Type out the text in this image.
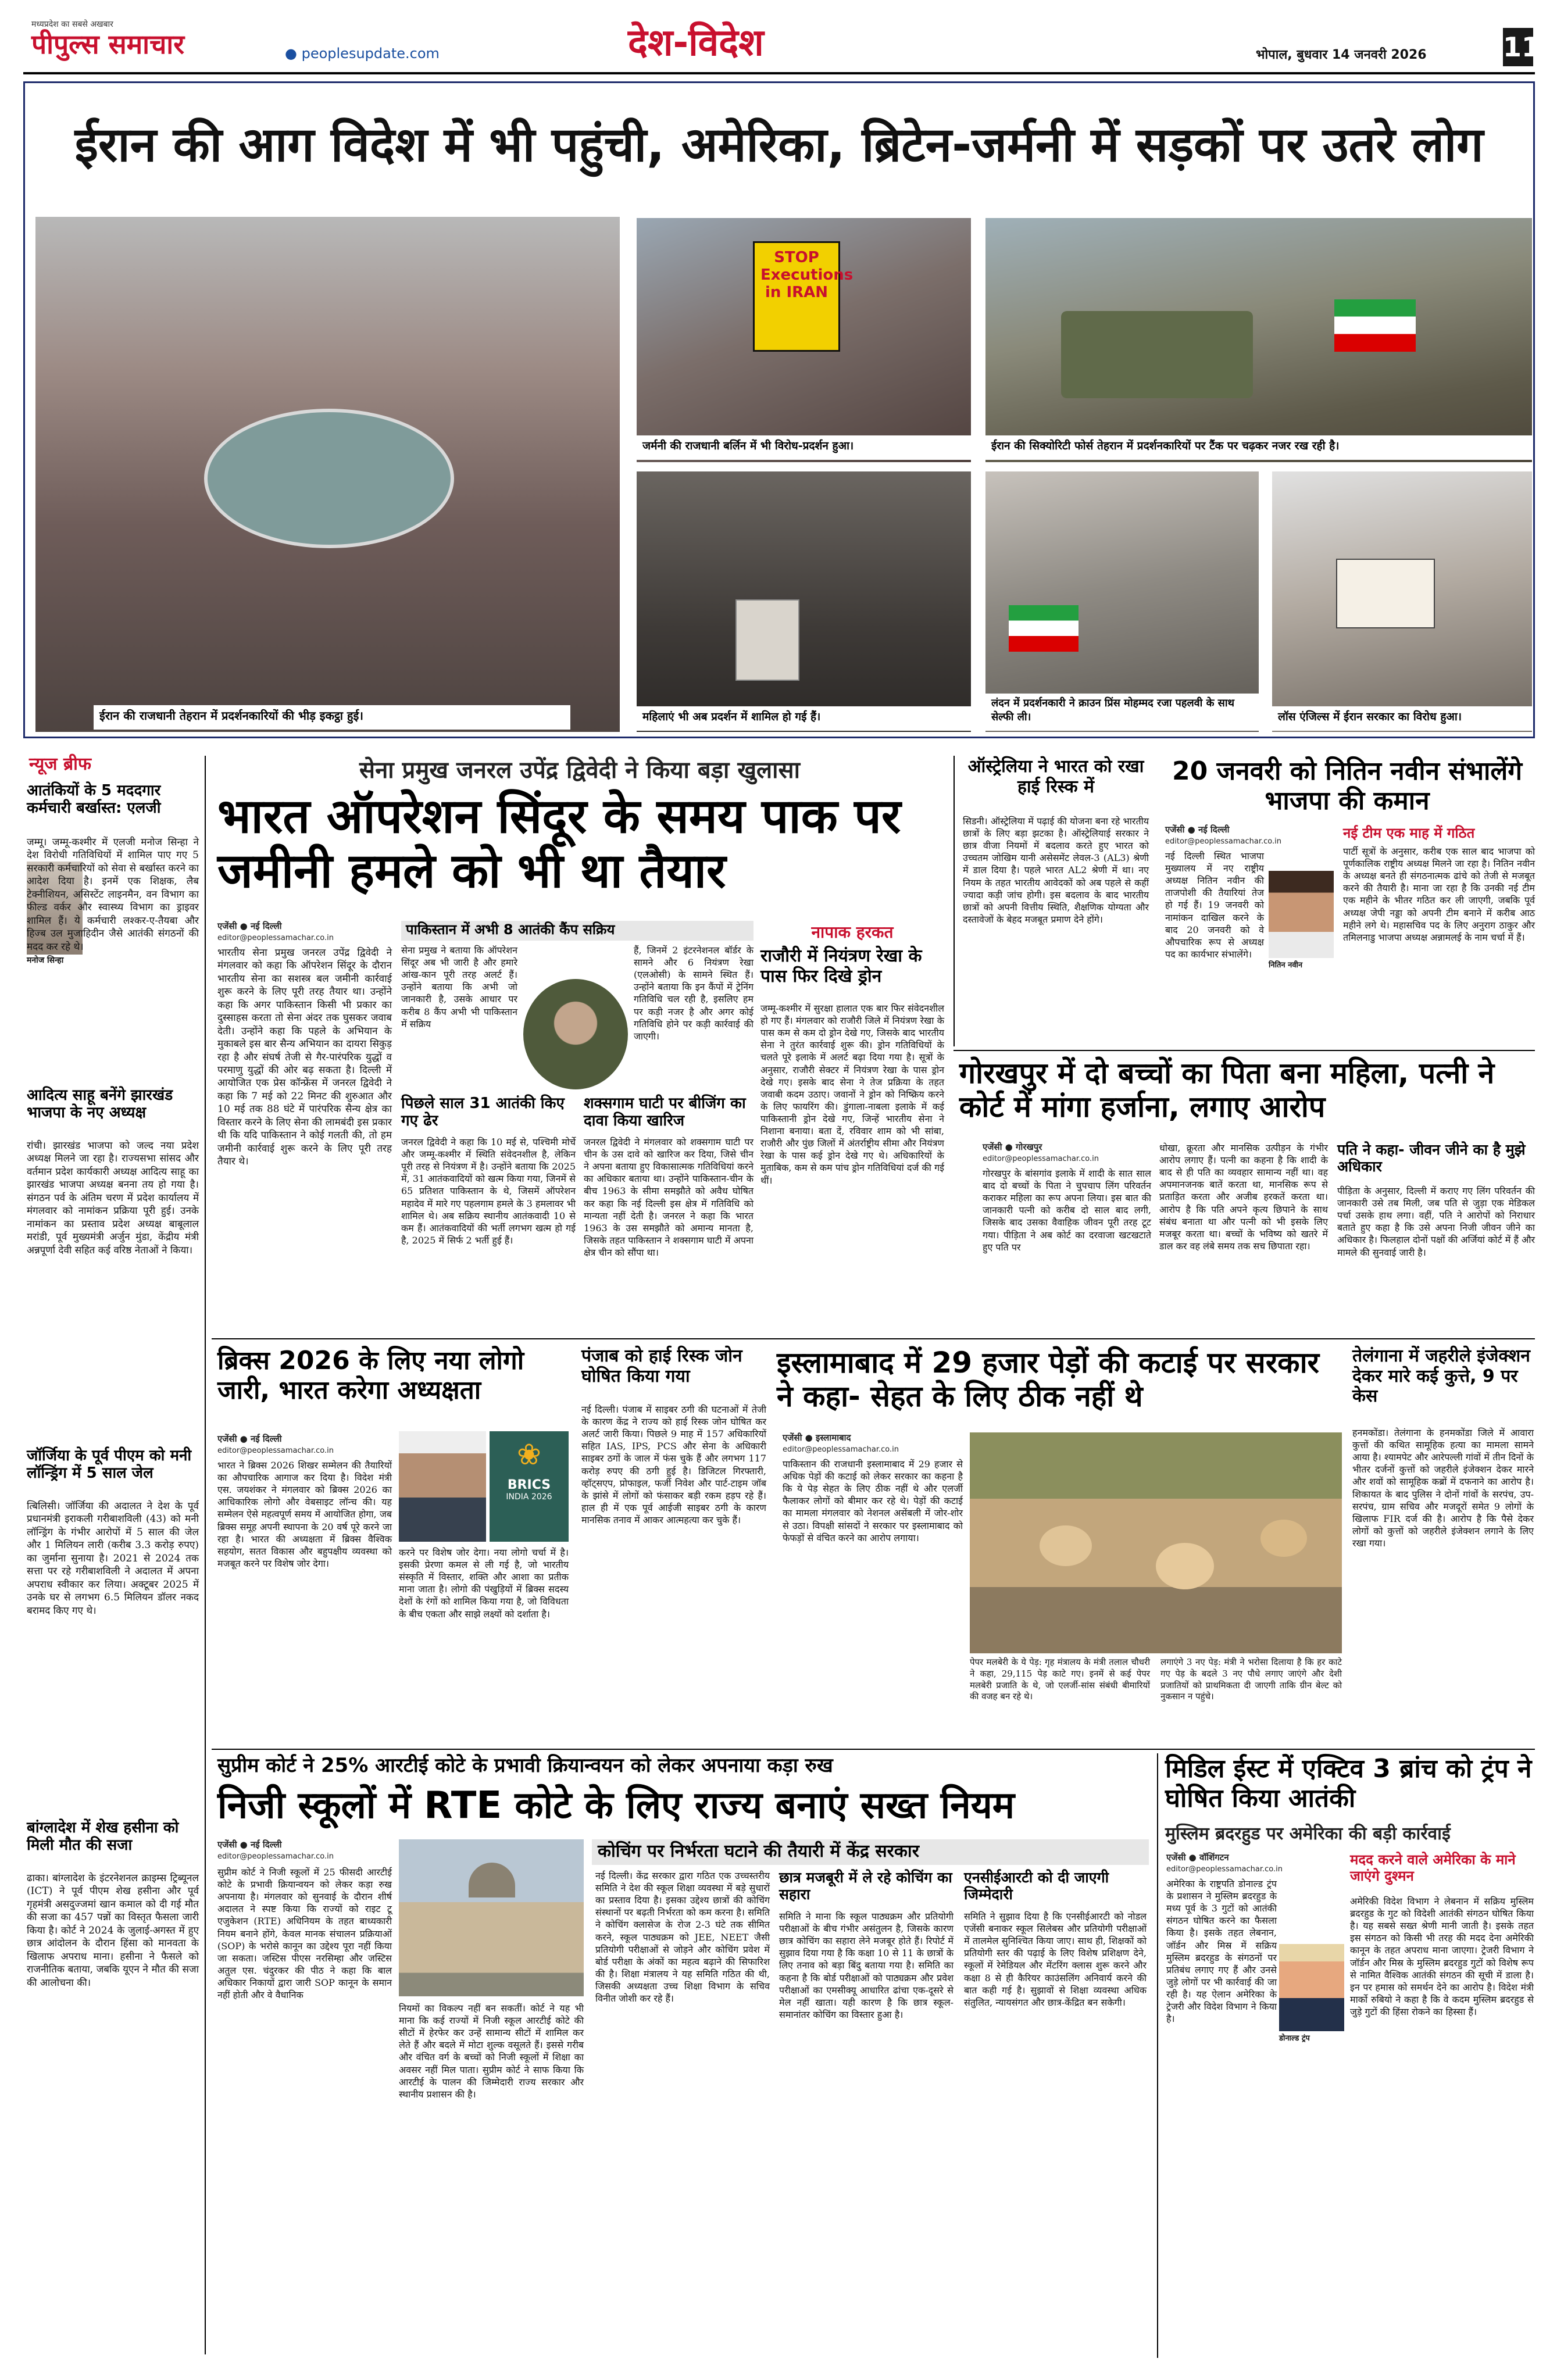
मध्यप्रदेश का सबसे अखबार
पीपुल्स समाचार	● peoplesupdate.com	देश-विदेश	भोपाल, बुधवार 14 जनवरी 2026	11
ईरान की आग विदेश में भी पहुंची, अमेरिका, ब्रिटेन-जर्मनी में सड़कों पर उतरे लोग
ईरान की राजधानी तेहरान में प्रदर्शनकारियों की भीड़ इकट्ठा हुई।
STOP Executions in IRAN
जर्मनी की राजधानी बर्लिन में भी विरोध-प्रदर्शन हुआ।	ईरान की सिक्योरिटी फोर्स तेहरान में प्रदर्शनकारियों पर टैंक पर चढ़कर नजर रख रही है।
महिलाएं भी अब प्रदर्शन में शामिल हो गई हैं।
लंदन में प्रदर्शनकारी ने क्राउन प्रिंस मोहम्मद रजा पहलवी के साथ सेल्फी ली।	लॉस एंजिल्स में ईरान सरकार का विरोध हुआ।
न्यूज ब्रीफ
आतंकियों के 5 मददगार कर्मचारी बर्खास्त: एलजी
मनोज सिन्हा
जम्मू। जम्मू-कश्मीर में एलजी मनोज सिन्हा ने देश विरोधी गतिविधियों में शामिल पाए गए 5 सरकारी कर्मचारियों को सेवा से बर्खास्त करने का आदेश दिया है। इनमें एक शिक्षक, लैब टेक्नीशियन, असिस्टेंट लाइनमैन, वन विभाग का फील्ड वर्कर और स्वास्थ्य विभाग का ड्राइवर शामिल हैं। ये कर्मचारी लश्कर-ए-तैयबा और हिज्ब उल मुजाहिदीन जैसे आतंकी संगठनों की मदद कर रहे थे।
आदित्य साहू बनेंगे झारखंड भाजपा के नए अध्यक्ष
रांची। झारखंड भाजपा को जल्द नया प्रदेश अध्यक्ष मिलने जा रहा है। राज्यसभा सांसद और वर्तमान प्रदेश कार्यकारी अध्यक्ष आदित्य साहू का झारखंड भाजपा अध्यक्ष बनना तय हो गया है। संगठन पर्व के अंतिम चरण में प्रदेश कार्यालय में मंगलवार को नामांकन प्रक्रिया पूरी हुई। उनके नामांकन का प्रस्ताव प्रदेश अध्यक्ष बाबूलाल मरांडी, पूर्व मुख्यमंत्री अर्जुन मुंडा, केंद्रीय मंत्री अन्नपूर्णा देवी सहित कई वरिष्ठ नेताओं ने किया।
जॉर्जिया के पूर्व पीएम को मनी लॉन्ड्रिंग में 5 साल जेल
त्बिलिसी। जॉर्जिया की अदालत ने देश के पूर्व प्रधानमंत्री इराकली गरीबाशविली (43) को मनी लॉन्ड्रिंग के गंभीर आरोपों में 5 साल की जेल और 1 मिलियन लारी (करीब 3.3 करोड़ रुपए) का जुर्माना सुनाया है। 2021 से 2024 तक सत्ता पर रहे गरीबाशविली ने अदालत में अपना अपराध स्वीकार कर लिया। अक्टूबर 2025 में उनके घर से लगभग 6.5 मिलियन डॉलर नकद बरामद किए गए थे।
बांग्लादेश में शेख हसीना को मिली मौत की सजा
ढाका। बांग्लादेश के इंटरनेशनल क्राइम्स ट्रिब्यूनल (ICT) ने पूर्व पीएम शेख हसीना और पूर्व गृहमंत्री असदुज्जमां खान कमाल को दी गई मौत की सजा का 457 पन्नों का विस्तृत फैसला जारी किया है। कोर्ट ने 2024 के जुलाई-अगस्त में हुए छात्र आंदोलन के दौरान हिंसा को मानवता के खिलाफ अपराध माना। हसीना ने फैसले को राजनीतिक बताया, जबकि यूएन ने मौत की सजा की आलोचना की।
सेना प्रमुख जनरल उपेंद्र द्विवेदी ने किया बड़ा खुलासा
भारत ऑपरेशन सिंदूर के समय पाक पर जमीनी हमले को भी था तैयार
एजेंसी ● नई दिल्ली
editor@peoplessamachar.co.in
भारतीय सेना प्रमुख जनरल उपेंद्र द्विवेदी ने मंगलवार को कहा कि ऑपरेशन सिंदूर के दौरान भारतीय सेना का सशस्त्र बल जमीनी कार्रवाई शुरू करने के लिए पूरी तरह तैयार था। उन्होंने कहा कि अगर पाकिस्तान किसी भी प्रकार का दुस्साहस करता तो सेना अंदर तक घुसकर जवाब देती। उन्होंने कहा कि पहले के अभियान के मुकाबले इस बार सैन्य अभियान का दायरा सिकुड़ रहा है और संघर्ष तेजी से गैर-पारंपरिक युद्धों व परमाणु युद्धों की ओर बढ़ सकता है। दिल्ली में आयोजित एक प्रेस कॉन्फ्रेंस में जनरल द्विवेदी ने कहा कि 7 मई को 22 मिनट की शुरुआत और 10 मई तक 88 घंटे में पारंपरिक सैन्य क्षेत्र का विस्तार करने के लिए सेना की लामबंदी इस प्रकार थी कि यदि पाकिस्तान ने कोई गलती की, तो हम जमीनी कार्रवाई शुरू करने के लिए पूरी तरह तैयार थे।
पाकिस्तान में अभी 8 आतंकी कैंप सक्रिय
सेना प्रमुख ने बताया कि ऑपरेशन सिंदूर अब भी जारी है और हमारे आंख-कान पूरी तरह अलर्ट हैं। उन्होंने बताया कि अभी जो जानकारी है, उसके आधार पर करीब 8 कैंप अभी भी पाकिस्तान में सक्रिय
हैं, जिनमें 2 इंटरनेशनल बॉर्डर के सामने और 6 नियंत्रण रेखा (एलओसी) के सामने स्थित हैं। उन्होंने बताया कि इन कैंपों में ट्रेनिंग गतिविधि चल रही है, इसलिए हम पर कड़ी नजर है और अगर कोई गतिविधि होने पर कड़ी कार्रवाई की जाएगी।
पिछले साल 31 आतंकी किए गए ढेर
जनरल द्विवेदी ने कहा कि 10 मई से, पश्चिमी मोर्चे और जम्मू-कश्मीर में स्थिति संवेदनशील है, लेकिन पूरी तरह से नियंत्रण में है। उन्होंने बताया कि 2025 में, 31 आतंकवादियों को खत्म किया गया, जिनमें से 65 प्रतिशत पाकिस्तान के थे, जिसमें ऑपरेशन महादेव में मारे गए पहलगाम हमले के 3 हमलावर भी शामिल थे। अब सक्रिय स्थानीय आतंकवादी 10 से कम हैं। आतंकवादियों की भर्ती लगभग खत्म हो गई है, 2025 में सिर्फ 2 भर्ती हुई हैं।
शक्सगाम घाटी पर बीजिंग का दावा किया खारिज
जनरल द्विवेदी ने मंगलवार को शक्सगाम घाटी पर चीन के उस दावे को खारिज कर दिया, जिसे चीन ने अपना बताया हुए विकासात्मक गतिविधियां करने का अधिकार बताया था। उन्होंने पाकिस्तान-चीन के बीच 1963 के सीमा समझौते को अवैध घोषित कर कहा कि नई दिल्ली इस क्षेत्र में गतिविधि को मान्यता नहीं देती है। जनरल ने कहा कि भारत 1963 के उस समझौते को अमान्य मानता है, जिसके तहत पाकिस्तान ने शक्सगाम घाटी में अपना क्षेत्र चीन को सौंपा था।
नापाक हरकत
राजौरी में नियंत्रण रेखा के पास फिर दिखे ड्रोन
जम्मू-कश्मीर में सुरक्षा हालात एक बार फिर संवेदनशील हो गए हैं। मंगलवार को राजौरी जिले में नियंत्रण रेखा के पास कम से कम दो ड्रोन देखे गए, जिसके बाद भारतीय सेना ने तुरंत कार्रवाई शुरू की। ड्रोन गतिविधियों के चलते पूरे इलाके में अलर्ट बढ़ा दिया गया है। सूत्रों के अनुसार, राजौरी सेक्टर में नियंत्रण रेखा के पास ड्रोन देखे गए। इसके बाद सेना ने तेज प्रक्रिया के तहत जवाबी कदम उठाए। जवानों ने ड्रोन को निष्क्रिय करने के लिए फायरिंग की। डुंगाला-नाबला इलाके में कई पाकिस्तानी ड्रोन देखे गए, जिन्हें भारतीय सेना ने निशाना बनाया। बता दें, रविवार शाम को भी सांबा, राजौरी और पुंछ जिलों में अंतर्राष्ट्रीय सीमा और नियंत्रण रेखा के पास कई ड्रोन देखे गए थे। अधिकारियों के मुताबिक, कम से कम पांच ड्रोन गतिविधियां दर्ज की गई थीं।
ऑस्ट्रेलिया ने भारत को रखा हाई रिस्क में
सिडनी। ऑस्ट्रेलिया में पढ़ाई की योजना बना रहे भारतीय छात्रों के लिए बड़ा झटका है। ऑस्ट्रेलियाई सरकार ने छात्र वीजा नियमों में बदलाव करते हुए भारत को उच्चतम जोखिम यानी असेसमेंट लेवल-3 (AL3) श्रेणी में डाल दिया है। पहले भारत AL2 श्रेणी में था। नए नियम के तहत भारतीय आवेदकों को अब पहले से कहीं ज्यादा कड़ी जांच होगी। इस बदलाव के बाद भारतीय छात्रों को अपनी वित्तीय स्थिति, शैक्षणिक योग्यता और दस्तावेजों के बेहद मजबूत प्रमाण देने होंगे।
20 जनवरी को नितिन नवीन संभालेंगे भाजपा की कमान
एजेंसी ● नई दिल्ली
editor@peoplessamachar.co.in
नई दिल्ली स्थित भाजपा मुख्यालय में नए राष्ट्रीय अध्यक्ष नितिन नवीन की ताजपोशी की तैयारियां तेज हो गई हैं। 19 जनवरी को नामांकन दाखिल करने के बाद 20 जनवरी को वे औपचारिक रूप से अध्यक्ष पद का कार्यभार संभालेंगे।
नितिन नवीन
नई टीम एक माह में गठित
पार्टी सूत्रों के अनुसार, करीब एक साल बाद भाजपा को पूर्णकालिक राष्ट्रीय अध्यक्ष मिलने जा रहा है। नितिन नवीन के अध्यक्ष बनते ही संगठनात्मक ढांचे को तेजी से मजबूत करने की तैयारी है। माना जा रहा है कि उनकी नई टीम एक महीने के भीतर गठित कर ली जाएगी, जबकि पूर्व अध्यक्ष जेपी नड्डा को अपनी टीम बनाने में करीब आठ महीने लगे थे। महासचिव पद के लिए अनुराग ठाकुर और तमिलनाडु भाजपा अध्यक्ष अन्नामलई के नाम चर्चा में हैं।
गोरखपुर में दो बच्चों का पिता बना महिला, पत्नी ने कोर्ट में मांगा हर्जाना, लगाए आरोप
एजेंसी ● गोरखपुर
editor@peoplessamachar.co.in
गोरखपुर के बांसगांव इलाके में शादी के सात साल बाद दो बच्चों के पिता ने चुपचाप लिंग परिवर्तन कराकर महिला का रूप अपना लिया। इस बात की जानकारी पत्नी को करीब दो साल बाद लगी, जिसके बाद उसका वैवाहिक जीवन पूरी तरह टूट गया। पीड़िता ने अब कोर्ट का दरवाजा खटखटाते हुए पति पर
धोखा, क्रूरता और मानसिक उत्पीड़न के गंभीर आरोप लगाए हैं। पत्नी का कहना है कि शादी के बाद से ही पति का व्यवहार सामान्य नहीं था। वह अपमानजनक बातें करता था, मानसिक रूप से प्रताड़ित करता और अजीब हरकतें करता था। आरोप है कि पति अपने कृत्य छिपाने के साथ संबंध बनाता था और पत्नी को भी इसके लिए मजबूर करता था। बच्चों के भविष्य को खतरे में डाल कर वह लंबे समय तक सच छिपाता रहा।
पति ने कहा- जीवन जीने का है मुझे अधिकार
पीड़िता के अनुसार, दिल्ली में कराए गए लिंग परिवर्तन की जानकारी उसे तब मिली, जब पति से जुड़ा एक मेडिकल पर्चा उसके हाथ लगा। वहीं, पति ने आरोपों को निराधार बताते हुए कहा है कि उसे अपना निजी जीवन जीने का अधिकार है। फिलहाल दोनों पक्षों की अर्जियां कोर्ट में हैं और मामले की सुनवाई जारी है।
ब्रिक्स 2026 के लिए नया लोगो जारी, भारत करेगा अध्यक्षता
एजेंसी ● नई दिल्ली
editor@peoplessamachar.co.in
भारत ने ब्रिक्स 2026 शिखर सम्मेलन की तैयारियों का औपचारिक आगाज कर दिया है। विदेश मंत्री एस. जयशंकर ने मंगलवार को ब्रिक्स 2026 का आधिकारिक लोगो और वेबसाइट लॉन्च की। यह सम्मेलन ऐसे महत्वपूर्ण समय में आयोजित होगा, जब ब्रिक्स समूह अपनी स्थापना के 20 वर्ष पूरे करने जा रहा है। भारत की अध्यक्षता में ब्रिक्स वैश्विक सहयोग, सतत विकास और बहुपक्षीय व्यवस्था को मजबूत करने पर विशेष जोर देगा।
❀
BRICS
INDIA 2026
करने पर विशेष जोर देगा। नया लोगो चर्चा में है। इसकी प्रेरणा कमल से ली गई है, जो भारतीय संस्कृति में विस्तार, शक्ति और आशा का प्रतीक माना जाता है। लोगो की पंखुड़ियों में ब्रिक्स सदस्य देशों के रंगों को शामिल किया गया है, जो विविधता के बीच एकता और साझे लक्ष्यों को दर्शाता है।
पंजाब को हाई रिस्क जोन घोषित किया गया
नई दिल्ली। पंजाब में साइबर ठगी की घटनाओं में तेजी के कारण केंद्र ने राज्य को हाई रिस्क जोन घोषित कर अलर्ट जारी किया। पिछले 9 माह में 157 अधिकारियों सहित IAS, IPS, PCS और सेना के अधिकारी साइबर ठगों के जाल में फंस चुके हैं और लगभग 117 करोड़ रुपए की ठगी हुई है। डिजिटल गिरफ्तारी, व्हॉट्सएप, प्रोफाइल, फर्जी निवेश और पार्ट-टाइम जॉब के झांसे में लोगों को फंसाकर बड़ी रकम हड़प रहे हैं। हाल ही में एक पूर्व आईजी साइबर ठगी के कारण मानसिक तनाव में आकर आत्महत्या कर चुके हैं।
इस्लामाबाद में 29 हजार पेड़ों की कटाई पर सरकार ने कहा- सेहत के लिए ठीक नहीं थे
एजेंसी ● इस्लामाबाद
editor@peoplessamachar.co.in
पाकिस्तान की राजधानी इस्लामाबाद में 29 हजार से अधिक पेड़ों की कटाई को लेकर सरकार का कहना है कि ये पेड़ सेहत के लिए ठीक नहीं थे और एलर्जी फैलाकर लोगों को बीमार कर रहे थे। पेड़ों की कटाई का मामला मंगलवार को नेशनल असेंबली में जोर-शोर से उठा। विपक्षी सांसदों ने सरकार पर इस्लामाबाद को फेफड़ों से वंचित करने का आरोप लगाया।
पेपर मलबेरी के ये पेड़: गृह मंत्रालय के मंत्री तलाल चौधरी ने कहा, 29,115 पेड़ काटे गए। इनमें से कई पेपर मलबेरी प्रजाति के थे, जो एलर्जी-सांस संबंधी बीमारियों की वजह बन रहे थे।
लगाएंगे 3 नए पेड़: मंत्री ने भरोसा दिलाया है कि हर काटे गए पेड़ के बदले 3 नए पौधे लगाए जाएंगे और देशी प्रजातियों को प्राथमिकता दी जाएगी ताकि ग्रीन बेल्ट को नुकसान न पहुंचे।
तेलंगाना में जहरीले इंजेक्शन देकर मारे कई कुत्ते, 9 पर केस
हनमकोंडा। तेलंगाना के हनमकोंडा जिले में आवारा कुत्तों की कथित सामूहिक हत्या का मामला सामने आया है। श्यामपेट और आरेपल्ली गांवों में तीन दिनों के भीतर दर्जनों कुत्तों को जहरीले इंजेक्शन देकर मारने और शवों को सामूहिक कब्रों में दफनाने का आरोप है। शिकायत के बाद पुलिस ने दोनों गांवों के सरपंच, उप-सरपंच, ग्राम सचिव और मजदूरों समेत 9 लोगों के खिलाफ FIR दर्ज की है। आरोप है कि पैसे देकर लोगों को कुत्तों को जहरीले इंजेक्शन लगाने के लिए रखा गया।
सुप्रीम कोर्ट ने 25% आरटीई कोटे के प्रभावी क्रियान्वयन को लेकर अपनाया कड़ा रुख
निजी स्कूलों में RTE कोटे के लिए राज्य बनाएं सख्त नियम
एजेंसी ● नई दिल्ली
editor@peoplessamachar.co.in
सुप्रीम कोर्ट ने निजी स्कूलों में 25 फीसदी आरटीई कोटे के प्रभावी क्रियान्वयन को लेकर कड़ा रुख अपनाया है। मंगलवार को सुनवाई के दौरान शीर्ष अदालत ने स्पष्ट किया कि राज्यों को राइट टू एजुकेशन (RTE) अधिनियम के तहत बाध्यकारी नियम बनाने होंगे, केवल मानक संचालन प्रक्रियाओं (SOP) के भरोसे कानून का उद्देश्य पूरा नहीं किया जा सकता। जस्टिस पीएस नरसिम्हा और जस्टिस अतुल एस. चंदुरकर की पीठ ने कहा कि बाल अधिकार निकायों द्वारा जारी SOP कानून के समान नहीं होती और वे वैधानिक
नियमों का विकल्प नहीं बन सकतीं। कोर्ट ने यह भी माना कि कई राज्यों में निजी स्कूल आरटीई कोटे की सीटों में हेरफेर कर उन्हें सामान्य सीटों में शामिल कर लेते हैं और बदले में मोटा शुल्क वसूलते हैं। इससे गरीब और वंचित वर्ग के बच्चों को निजी स्कूलों में शिक्षा का अवसर नहीं मिल पाता। सुप्रीम कोर्ट ने साफ किया कि आरटीई के पालन की जिम्मेदारी राज्य सरकार और स्थानीय प्रशासन की है।
कोचिंग पर निर्भरता घटाने की तैयारी में केंद्र सरकार
नई दिल्ली। केंद्र सरकार द्वारा गठित एक उच्चस्तरीय समिति ने देश की स्कूल शिक्षा व्यवस्था में बड़े सुधारों का प्रस्ताव दिया है। इसका उद्देश्य छात्रों की कोचिंग संस्थानों पर बढ़ती निर्भरता को कम करना है। समिति ने कोचिंग क्लासेज के रोज 2-3 घंटे तक सीमित करने, स्कूल पाठ्यक्रम को JEE, NEET जैसी प्रतियोगी परीक्षाओं से जोड़ने और कोचिंग प्रवेश में बोर्ड परीक्षा के अंकों का महत्व बढ़ाने की सिफारिश की है। शिक्षा मंत्रालय ने यह समिति गठित की थी, जिसकी अध्यक्षता उच्च शिक्षा विभाग के सचिव विनीत जोशी कर रहे हैं।
छात्र मजबूरी में ले रहे कोचिंग का सहारा
समिति ने माना कि स्कूल पाठ्यक्रम और प्रतियोगी परीक्षाओं के बीच गंभीर असंतुलन है, जिसके कारण छात्र कोचिंग का सहारा लेने मजबूर होते हैं। रिपोर्ट में सुझाव दिया गया है कि कक्षा 10 से 11 के छात्रों के लिए तनाव को बड़ा बिंदु बताया गया है। समिति का कहना है कि बोर्ड परीक्षाओं को पाठ्यक्रम और प्रवेश परीक्षाओं का एमसीक्यू आधारित ढांचा एक-दूसरे से मेल नहीं खाता। यही कारण है कि छात्र स्कूल-समानांतर कोचिंग का विस्तार हुआ है।
एनसीईआरटी को दी जाएगी जिम्मेदारी
समिति ने सुझाव दिया है कि एनसीईआरटी को नोडल एजेंसी बनाकर स्कूल सिलेबस और प्रतियोगी परीक्षाओं में तालमेल सुनिश्चित किया जाए। साथ ही, शिक्षकों को प्रतियोगी स्तर की पढ़ाई के लिए विशेष प्रशिक्षण देने, स्कूलों में रेमेडियल और मेंटरिंग क्लास शुरू करने और कक्षा 8 से ही कैरियर काउंसलिंग अनिवार्य करने की बात कही गई है। सुझावों से शिक्षा व्यवस्था अधिक संतुलित, न्यायसंगत और छात्र-केंद्रित बन सकेगी।
मिडिल ईस्ट में एक्टिव 3 ब्रांच को ट्रंप ने घोषित किया आतंकी
मुस्लिम ब्रदरहुड पर अमेरिका की बड़ी कार्रवाई
एजेंसी ● वॉशिंगटन
editor@peoplessamachar.co.in
अमेरिका के राष्ट्रपति डोनाल्ड ट्रंप के प्रशासन ने मुस्लिम ब्रदरहुड के मध्य पूर्व के 3 गुटों को आतंकी संगठन घोषित करने का फैसला किया है। इसके तहत लेबनान, जॉर्डन और मिस्र में सक्रिय मुस्लिम ब्रदरहुड के संगठनों पर प्रतिबंध लगाए गए हैं और उनसे जुड़े लोगों पर भी कार्रवाई की जा रही है। यह ऐलान अमेरिका के ट्रेजरी और विदेश विभाग ने किया है।
डोनाल्ड ट्रंप
मदद करने वाले अमेरिका के माने जाएंगे दुश्मन
अमेरिकी विदेश विभाग ने लेबनान में सक्रिय मुस्लिम ब्रदरहुड के गुट को विदेशी आतंकी संगठन घोषित किया है। यह सबसे सख्त श्रेणी मानी जाती है। इसके तहत इस संगठन को किसी भी तरह की मदद देना अमेरिकी कानून के तहत अपराध माना जाएगा। ट्रेजरी विभाग ने जॉर्डन और मिस्र के मुस्लिम ब्रदरहुड गुटों को विशेष रूप से नामित वैश्विक आतंकी संगठन की सूची में डाला है। इन पर हमास को समर्थन देने का आरोप है। विदेश मंत्री मार्को रुबियो ने कहा है कि वे कदम मुस्लिम ब्रदरहुड से जुड़े गुटों की हिंसा रोकने का हिस्सा हैं।
